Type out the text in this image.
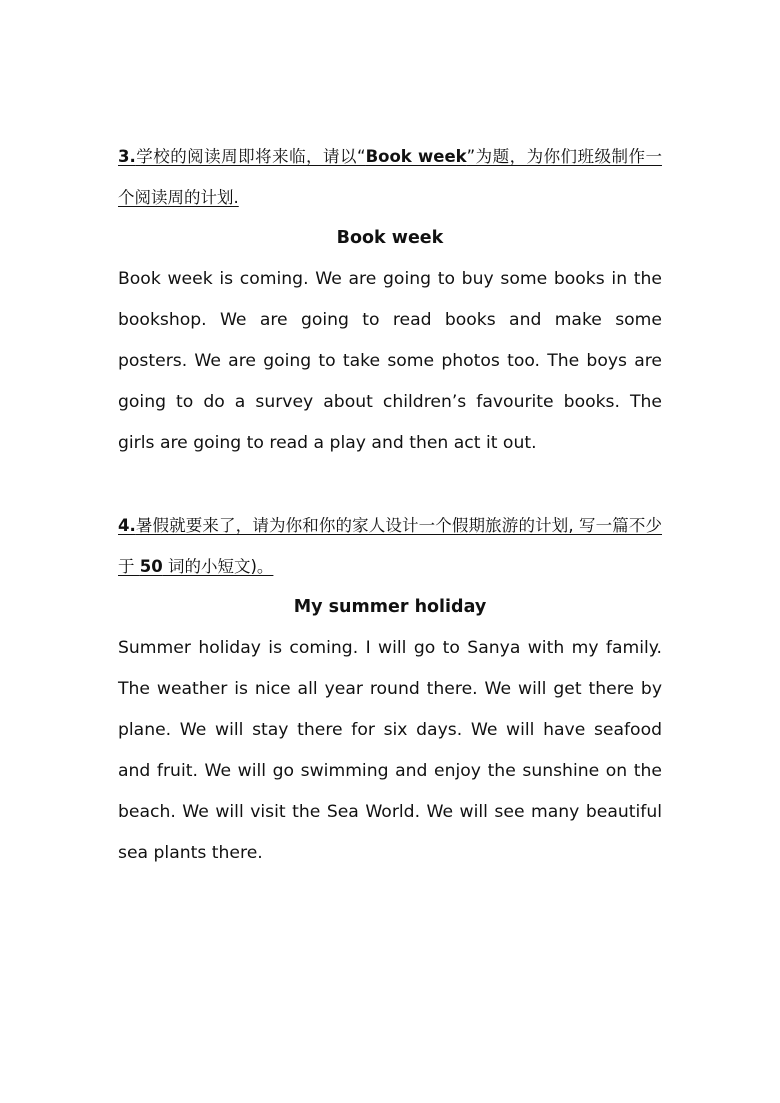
3.学校的阅读周即将来临，请以“Book week”为题，为你们班级制作一个阅读周的计划.

Book week

Book week is coming. We are going to buy some books in the bookshop. We are going to read books and make some posters. We are going to take some photos too. The boys are going to do a survey about children’s favourite books. The girls are going to read a play and then act it out.

4.暑假就要来了，请为你和你的家人设计一个假期旅游的计划, 写一篇不少于 50 词的小短文)。

My summer holiday

Summer holiday is coming. I will go to Sanya with my family. The weather is nice all year round there. We will get there by plane. We will stay there for six days. We will have seafood and fruit. We will go swimming and enjoy the sunshine on the beach. We will visit the Sea World. We will see many beautiful sea plants there.
